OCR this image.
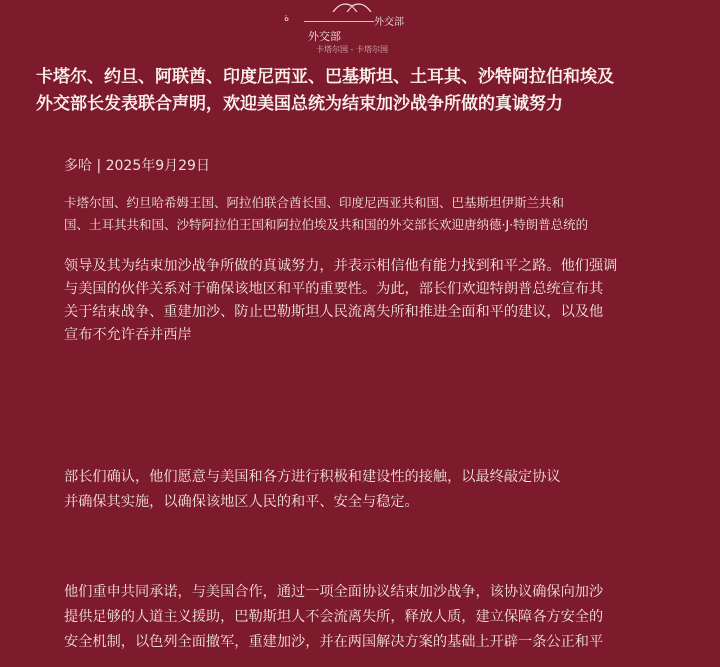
ة	外交部
外交部
卡塔尔国 - 卡塔尔国
卡塔尔、约旦、阿联酋、印度尼西亚、巴基斯坦、土耳其、沙特阿拉伯和埃及
外交部长发表联合声明，欢迎美国总统为结束加沙战争所做的真诚努力
多哈 | 2025年9月29日
卡塔尔国、约旦哈希姆王国、阿拉伯联合酋长国、印度尼西亚共和国、巴基斯坦伊斯兰共和
国、土耳其共和国、沙特阿拉伯王国和阿拉伯埃及共和国的外交部长欢迎唐纳德·J·特朗普总统的
领导及其为结束加沙战争所做的真诚努力，并表示相信他有能力找到和平之路。他们强调
与美国的伙伴关系对于确保该地区和平的重要性。为此，部长们欢迎特朗普总统宣布其
关于结束战争、重建加沙、防止巴勒斯坦人民流离失所和推进全面和平的建议，以及他
宣布不允许吞并西岸
部长们确认，他们愿意与美国和各方进行积极和建设性的接触，以最终敲定协议
并确保其实施，以确保该地区人民的和平、安全与稳定。
他们重申共同承诺，与美国合作，通过一项全面协议结束加沙战争，该协议确保向加沙
提供足够的人道主义援助，巴勒斯坦人不会流离失所，释放人质，建立保障各方安全的
安全机制，以色列全面撤军，重建加沙，并在两国解决方案的基础上开辟一条公正和平
